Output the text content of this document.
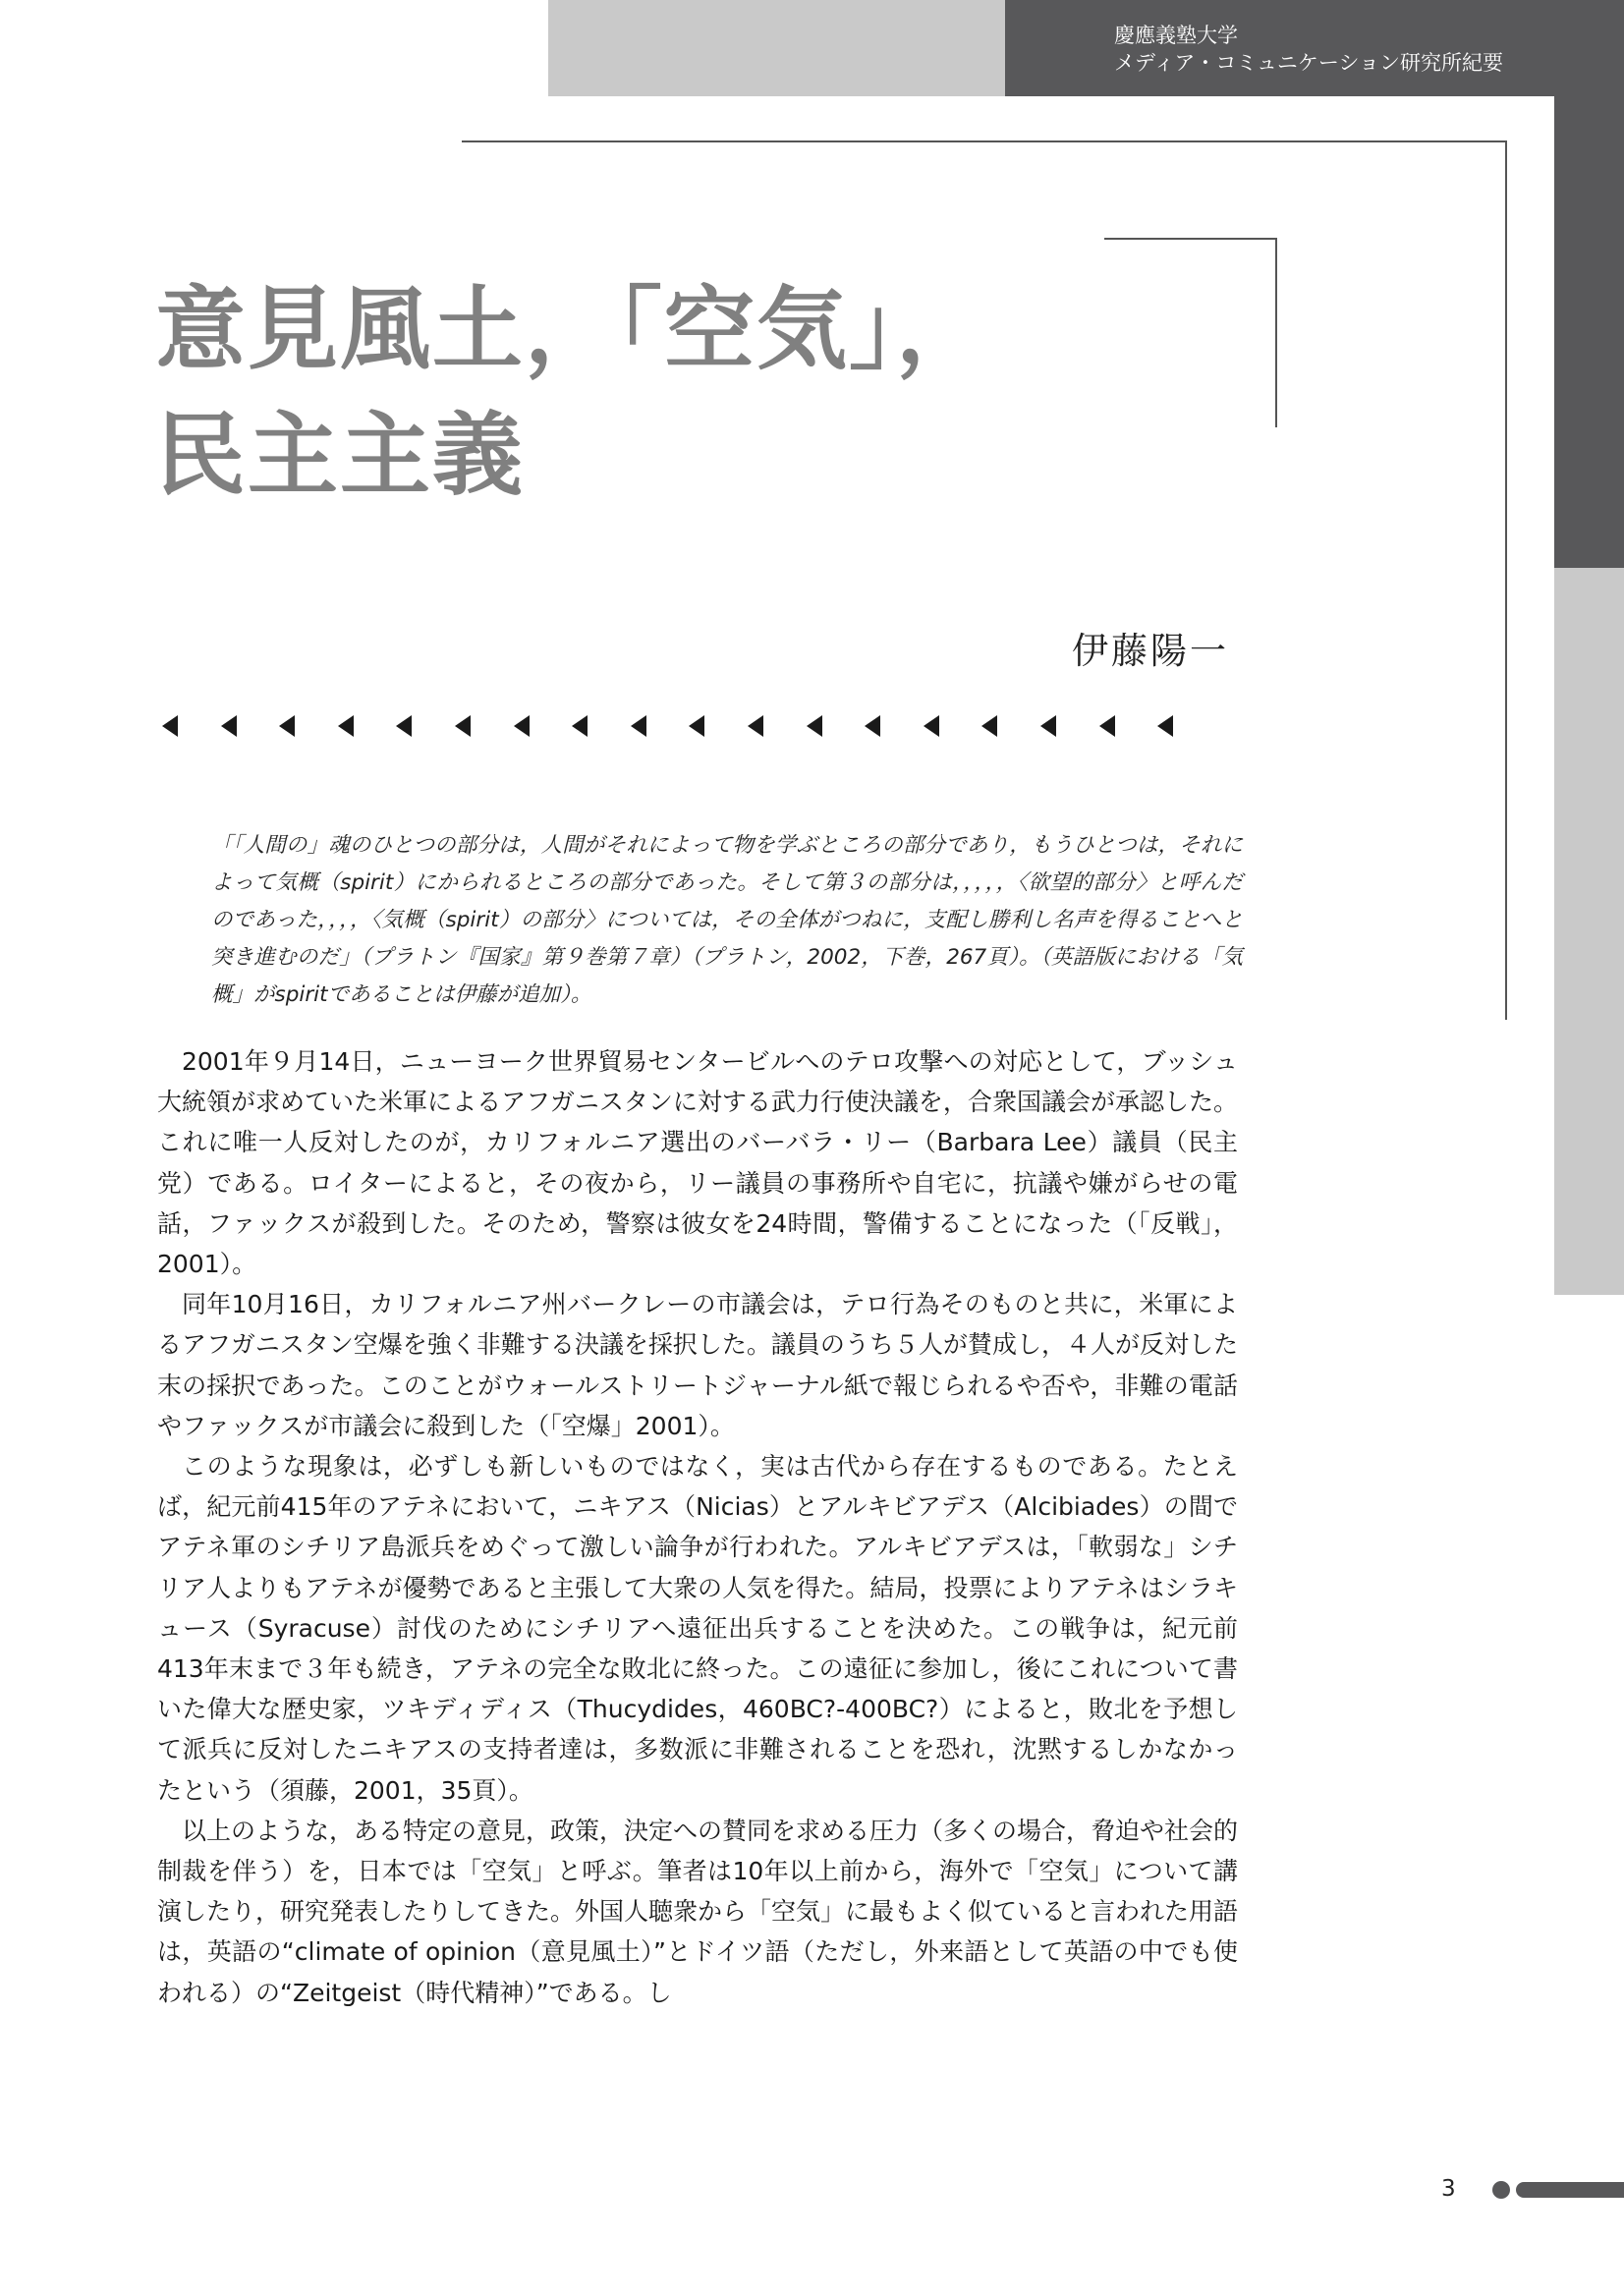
慶應義塾大学
メディア・コミュニケーション研究所紀要
意見風土，「空気」，
民主主義
伊藤陽一

「「人間の」魂のひとつの部分は，人間がそれによって物を学ぶところの部分であり，もうひとつは，それによって気概（spirit）にかられるところの部分であった。そして第３の部分は，，，，，〈欲望的部分〉と呼んだのであった，，，，〈気概（spirit）の部分〉については，その全体がつねに，支配し勝利し名声を得ることへと突き進むのだ」（プラトン『国家』第９巻第７章）（プラトン，2002，下巻，267頁）。（英語版における「気概」がspiritであることは伊藤が追加）。

2001年９月14日，ニューヨーク世界貿易センタービルへのテロ攻撃への対応として，ブッシュ大統領が求めていた米軍によるアフガニスタンに対する武力行使決議を，合衆国議会が承認した。これに唯一人反対したのが，カリフォルニア選出のバーバラ・リー（Barbara Lee）議員（民主党）である。ロイターによると，その夜から，リー議員の事務所や自宅に，抗議や嫌がらせの電話，ファックスが殺到した。そのため，警察は彼女を24時間，警備することになった（「反戦」，2001）。

同年10月16日，カリフォルニア州バークレーの市議会は，テロ行為そのものと共に，米軍によるアフガニスタン空爆を強く非難する決議を採択した。議員のうち５人が賛成し，４人が反対した末の採択であった。このことがウォールストリートジャーナル紙で報じられるや否や，非難の電話やファックスが市議会に殺到した（「空爆」2001）。

このような現象は，必ずしも新しいものではなく，実は古代から存在するものである。たとえば，紀元前415年のアテネにおいて，ニキアス（Nicias）とアルキビアデス（Alcibiades）の間でアテネ軍のシチリア島派兵をめぐって激しい論争が行われた。アルキビアデスは，「軟弱な」シチリア人よりもアテネが優勢であると主張して大衆の人気を得た。結局，投票によりアテネはシラキュース（Syracuse）討伐のためにシチリアへ遠征出兵することを決めた。この戦争は，紀元前413年末まで３年も続き，アテネの完全な敗北に終った。この遠征に参加し，後にこれについて書いた偉大な歴史家，ツキディディス（Thucydides，460BC?-400BC?）によると，敗北を予想して派兵に反対したニキアスの支持者達は，多数派に非難されることを恐れ，沈黙するしかなかったという（須藤，2001，35頁）。

以上のような，ある特定の意見，政策，決定への賛同を求める圧力（多くの場合，脅迫や社会的制裁を伴う）を，日本では「空気」と呼ぶ。筆者は10年以上前から，海外で「空気」について講演したり，研究発表したりしてきた。外国人聴衆から「空気」に最もよく似ていると言われた用語は，英語の“climate of opinion（意見風土）”とドイツ語（ただし，外来語として英語の中でも使われる）の“Zeitgeist（時代精神）”である。し

3
